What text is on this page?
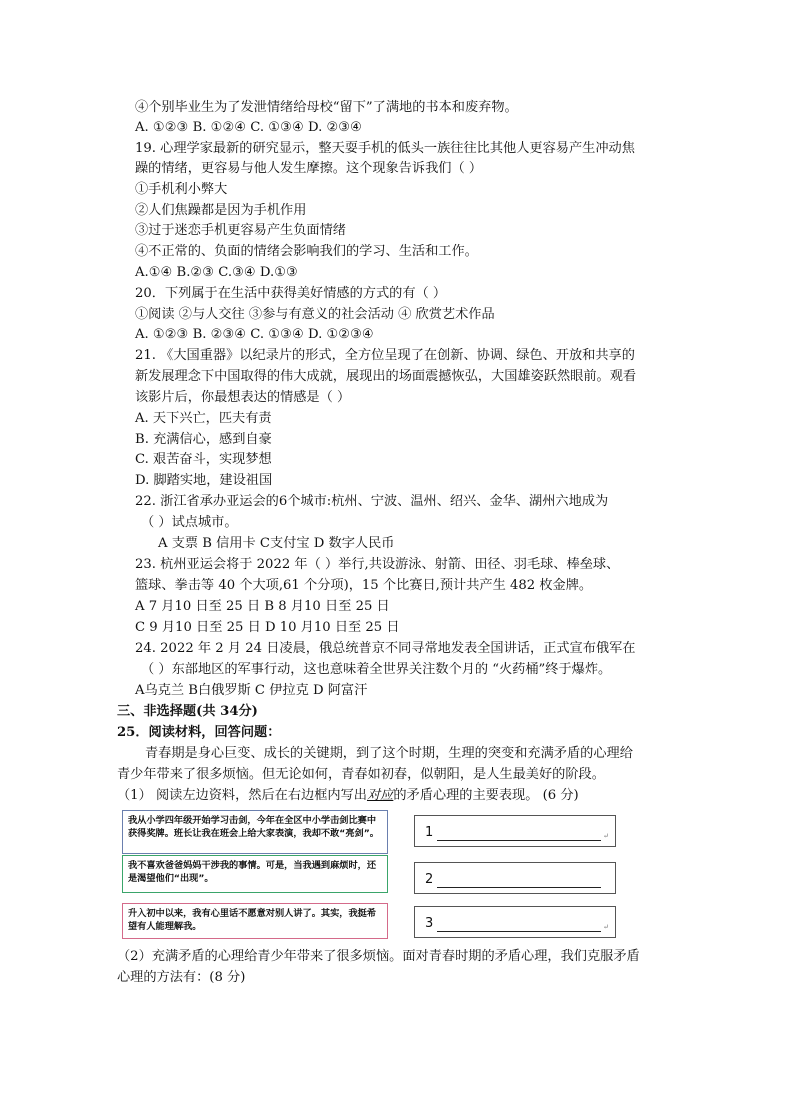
④个别毕业生为了发泄情绪给母校“留下”了满地的书本和废弃物。
A. ①②③ B. ①②④ C. ①③④ D. ②③④
19. 心理学家最新的研究显示，整天耍手机的低头一族往往比其他人更容易产生冲动焦
躁的情绪，更容易与他人发生摩擦。这个现象告诉我们（ ）
①手机利小弊大
②人们焦躁都是因为手机作用
③过于迷恋手机更容易产生负面情绪
④不正常的、负面的情绪会影响我们的学习、生活和工作。
A.①④ B.②③ C.③④ D.①③
20．下列属于在生活中获得美好情感的方式的有（ ）
①阅读 ②与人交往 ③参与有意义的社会活动 ④ 欣赏艺术作品
A. ①②③ B. ②③④ C. ①③④ D. ①②③④
21. 《大国重器》以纪录片的形式，全方位呈现了在创新、协调、绿色、开放和共享的
新发展理念下中国取得的伟大成就，展现出的场面震撼恢弘，大国雄姿跃然眼前。观看
该影片后，你最想表达的情感是（ ）
A. 天下兴亡，匹夫有责
B. 充满信心，感到自豪
C. 艰苦奋斗，实现梦想
D. 脚踏实地，建设祖国
22. 浙江省承办亚运会的6个城市:杭州、宁波、温州、绍兴、金华、湖州六地成为
（ ）试点城市。
A 支票 B 信用卡 C支付宝 D 数字人民币
23. 杭州亚运会将于 2022 年（ ）举行,共设游泳、射箭、田径、羽毛球、棒垒球、
篮球、拳击等 40 个大项,61 个分项)，15 个比赛日,预计共产生 482 枚金牌。
A 7 月10 日至 25 日 B 8 月10 日至 25 日
C 9 月10 日至 25 日 D 10 月10 日至 25 日
24. 2022 年 2 月 24 日凌晨，俄总统普京不同寻常地发表全国讲话，正式宣布俄军在
（ ）东部地区的军事行动，这也意味着全世界关注数个月的 “火药桶”终于爆炸。
A乌克兰 B白俄罗斯 C 伊拉克 D 阿富汗
三、非选择题(共 34分)
25．阅读材料，回答问题：
青春期是身心巨变、成长的关键期，到了这个时期，生理的突变和充满矛盾的心理给
青少年带来了很多烦恼。但无论如何，青春如初春，似朝阳，是人生最美好的阶段。
（1） 阅读左边资料，然后在右边框内写出对应的矛盾心理的主要表现。 (6 分)
我从小学四年级开始学习击剑，今年在全区中小学击剑比赛中获得奖牌。班长让我在班会上给大家表演，我却不敢“亮剑”。	1	↵
我不喜欢爸爸妈妈干涉我的事情。可是，当我遇到麻烦时，还是渴望他们“出现”。	2
升入初中以来，我有心里话不愿意对别人讲了。其实，我挺希望有人能理解我。	3	↵
（2）充满矛盾的心理给青少年带来了很多烦恼。面对青春时期的矛盾心理，我们克服矛盾
心理的方法有：(8 分)
